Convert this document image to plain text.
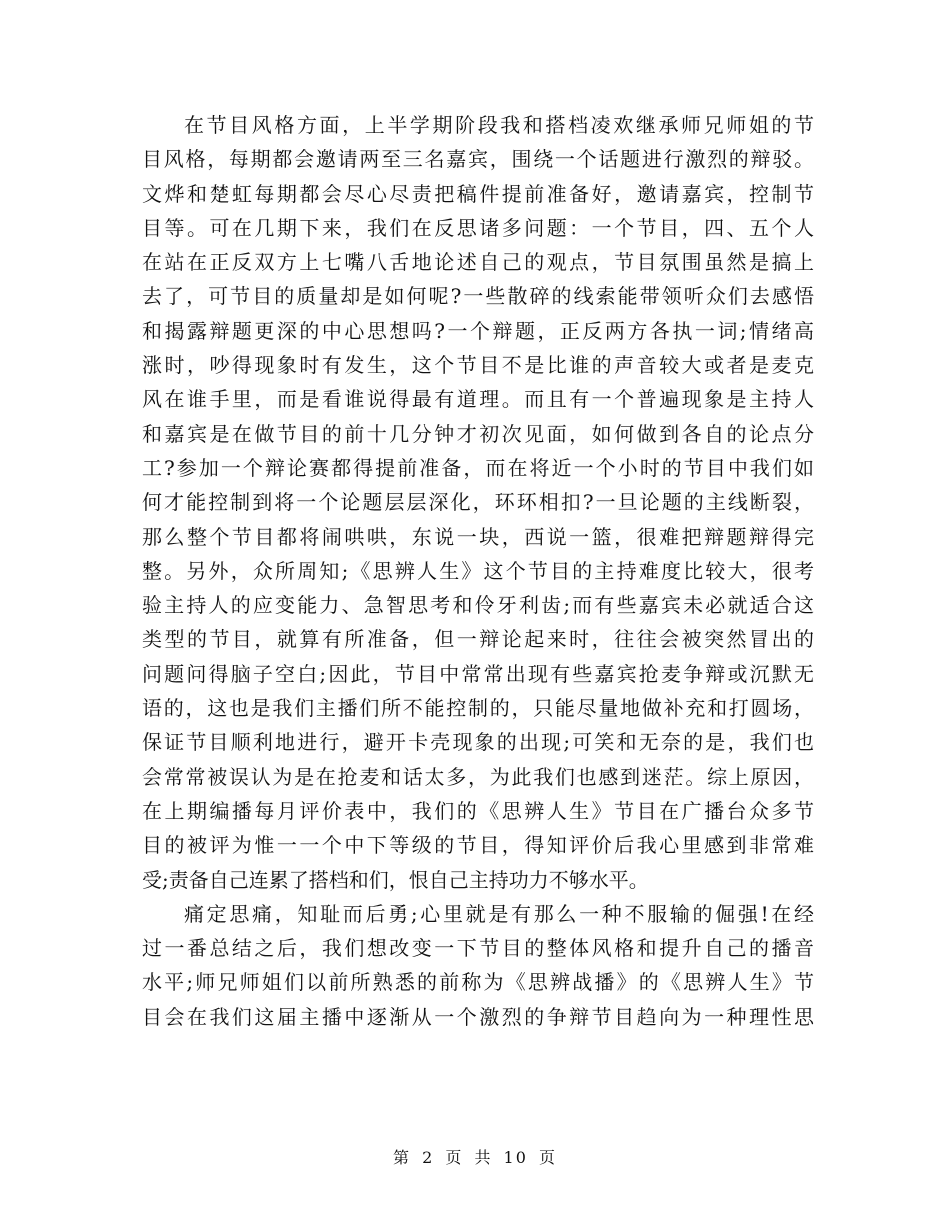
在节目风格方面，上半学期阶段我和搭档凌欢继承师兄师姐的节
目风格，每期都会邀请两至三名嘉宾，围绕一个话题进行激烈的辩驳。
文烨和楚虹每期都会尽心尽责把稿件提前准备好，邀请嘉宾，控制节
目等。可在几期下来，我们在反思诸多问题：一个节目，四、五个人
在站在正反双方上七嘴八舌地论述自己的观点，节目氛围虽然是搞上
去了，可节目的质量却是如何呢?一些散碎的线索能带领听众们去感悟
和揭露辩题更深的中心思想吗?一个辩题，正反两方各执一词;情绪高
涨时，吵得现象时有发生，这个节目不是比谁的声音较大或者是麦克
风在谁手里，而是看谁说得最有道理。而且有一个普遍现象是主持人
和嘉宾是在做节目的前十几分钟才初次见面，如何做到各自的论点分
工?参加一个辩论赛都得提前准备，而在将近一个小时的节目中我们如
何才能控制到将一个论题层层深化，环环相扣?一旦论题的主线断裂，
那么整个节目都将闹哄哄，东说一块，西说一篮，很难把辩题辩得完
整。另外，众所周知;《思辨人生》这个节目的主持难度比较大，很考
验主持人的应变能力、急智思考和伶牙利齿;而有些嘉宾未必就适合这
类型的节目，就算有所准备，但一辩论起来时，往往会被突然冒出的
问题问得脑子空白;因此，节目中常常出现有些嘉宾抢麦争辩或沉默无
语的，这也是我们主播们所不能控制的，只能尽量地做补充和打圆场，
保证节目顺利地进行，避开卡壳现象的出现;可笑和无奈的是，我们也
会常常被误认为是在抢麦和话太多，为此我们也感到迷茫。综上原因，
在上期编播每月评价表中，我们的《思辨人生》节目在广播台众多节
目的被评为惟一一个中下等级的节目，得知评价后我心里感到非常难
受;责备自己连累了搭档和们，恨自己主持功力不够水平。

痛定思痛，知耻而后勇;心里就是有那么一种不服输的倔强!在经
过一番总结之后，我们想改变一下节目的整体风格和提升自己的播音
水平;师兄师姐们以前所熟悉的前称为《思辨战播》的《思辨人生》节
目会在我们这届主播中逐渐从一个激烈的争辩节目趋向为一种理性思

第 2 页 共 10 页
